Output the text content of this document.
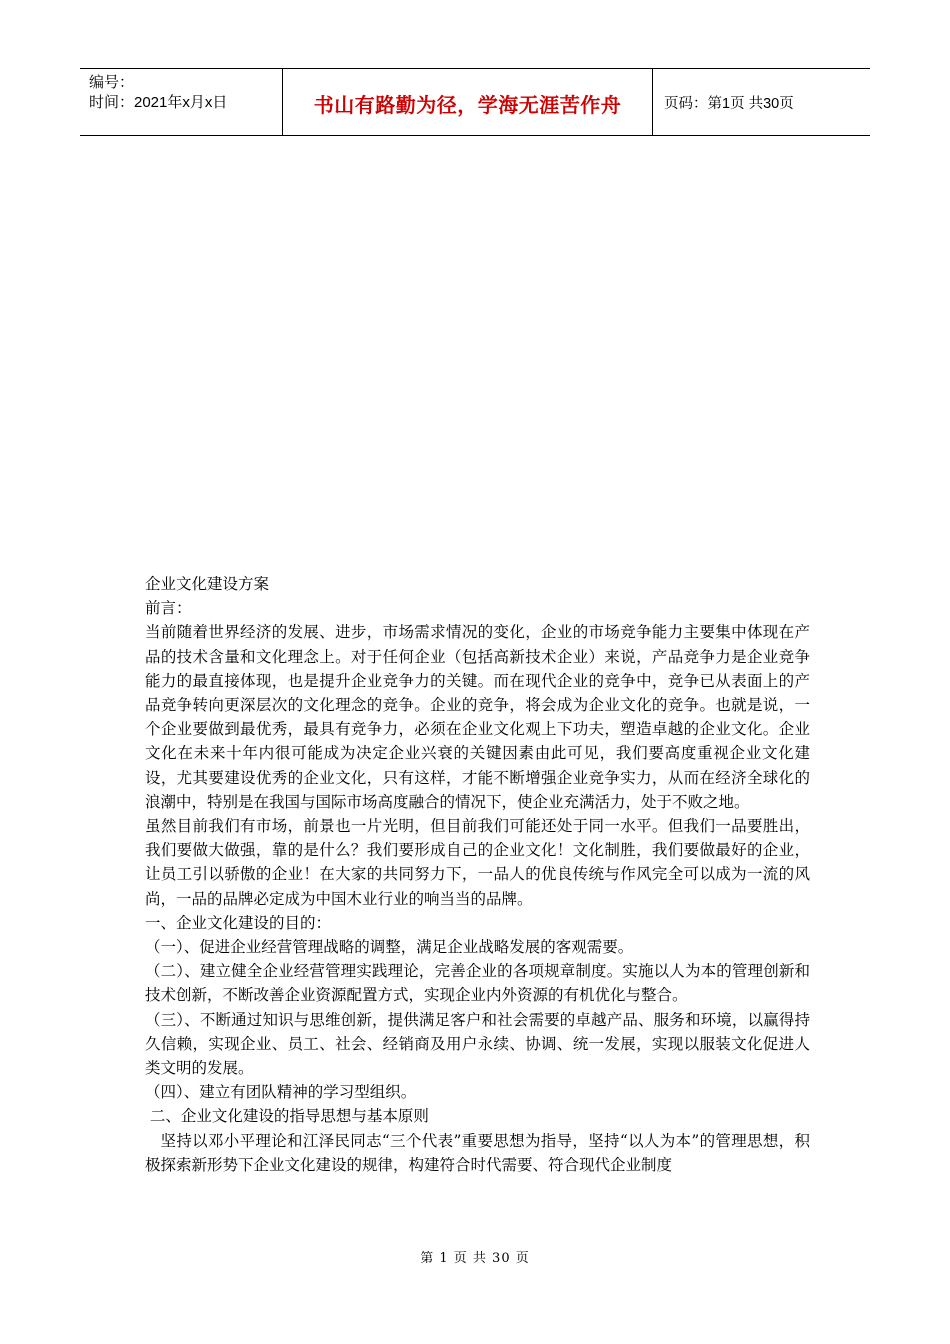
编号：
时间：2021年x月x日	书山有路勤为径，学海无涯苦作舟	页码：第1页 共30页

企业文化建设方案

前言：

当前随着世界经济的发展、进步，市场需求情况的变化，企业的市场竞争能力主要集中体现在产品的技术含量和文化理念上。对于任何企业（包括高新技术企业）来说，产品竞争力是企业竞争能力的最直接体现，也是提升企业竞争力的关键。而在现代企业的竞争中，竞争已从表面上的产品竞争转向更深层次的文化理念的竞争。企业的竞争，将会成为企业文化的竞争。也就是说，一个企业要做到最优秀，最具有竞争力，必须在企业文化观上下功夫，塑造卓越的企业文化。企业文化在未来十年内很可能成为决定企业兴衰的关键因素由此可见，我们要高度重视企业文化建设，尤其要建设优秀的企业文化，只有这样，才能不断增强企业竞争实力，从而在经济全球化的浪潮中，特别是在我国与国际市场高度融合的情况下，使企业充满活力，处于不败之地。

虽然目前我们有市场，前景也一片光明，但目前我们可能还处于同一水平。但我们一品要胜出，我们要做大做强，靠的是什么？我们要形成自己的企业文化！文化制胜，我们要做最好的企业，让员工引以骄傲的企业！在大家的共同努力下，一品人的优良传统与作风完全可以成为一流的风尚，一品的品牌必定成为中国木业行业的响当当的品牌。

一、企业文化建设的目的：

（一）、促进企业经营管理战略的调整，满足企业战略发展的客观需要。

（二）、建立健全企业经营管理实践理论，完善企业的各项规章制度。实施以人为本的管理创新和技术创新，不断改善企业资源配置方式，实现企业内外资源的有机优化与整合。

（三）、不断通过知识与思维创新，提供满足客户和社会需要的卓越产品、服务和环境，以赢得持久信赖，实现企业、员工、社会、经销商及用户永续、协调、统一发展，实现以服装文化促进人类文明的发展。

（四）、建立有团队精神的学习型组织。

二、企业文化建设的指导思想与基本原则

坚持以邓小平理论和江泽民同志“三个代表”重要思想为指导，坚持“以人为本”的管理思想，积极探索新形势下企业文化建设的规律，构建符合时代需要、符合现代企业制度

第 1 页 共 30 页
